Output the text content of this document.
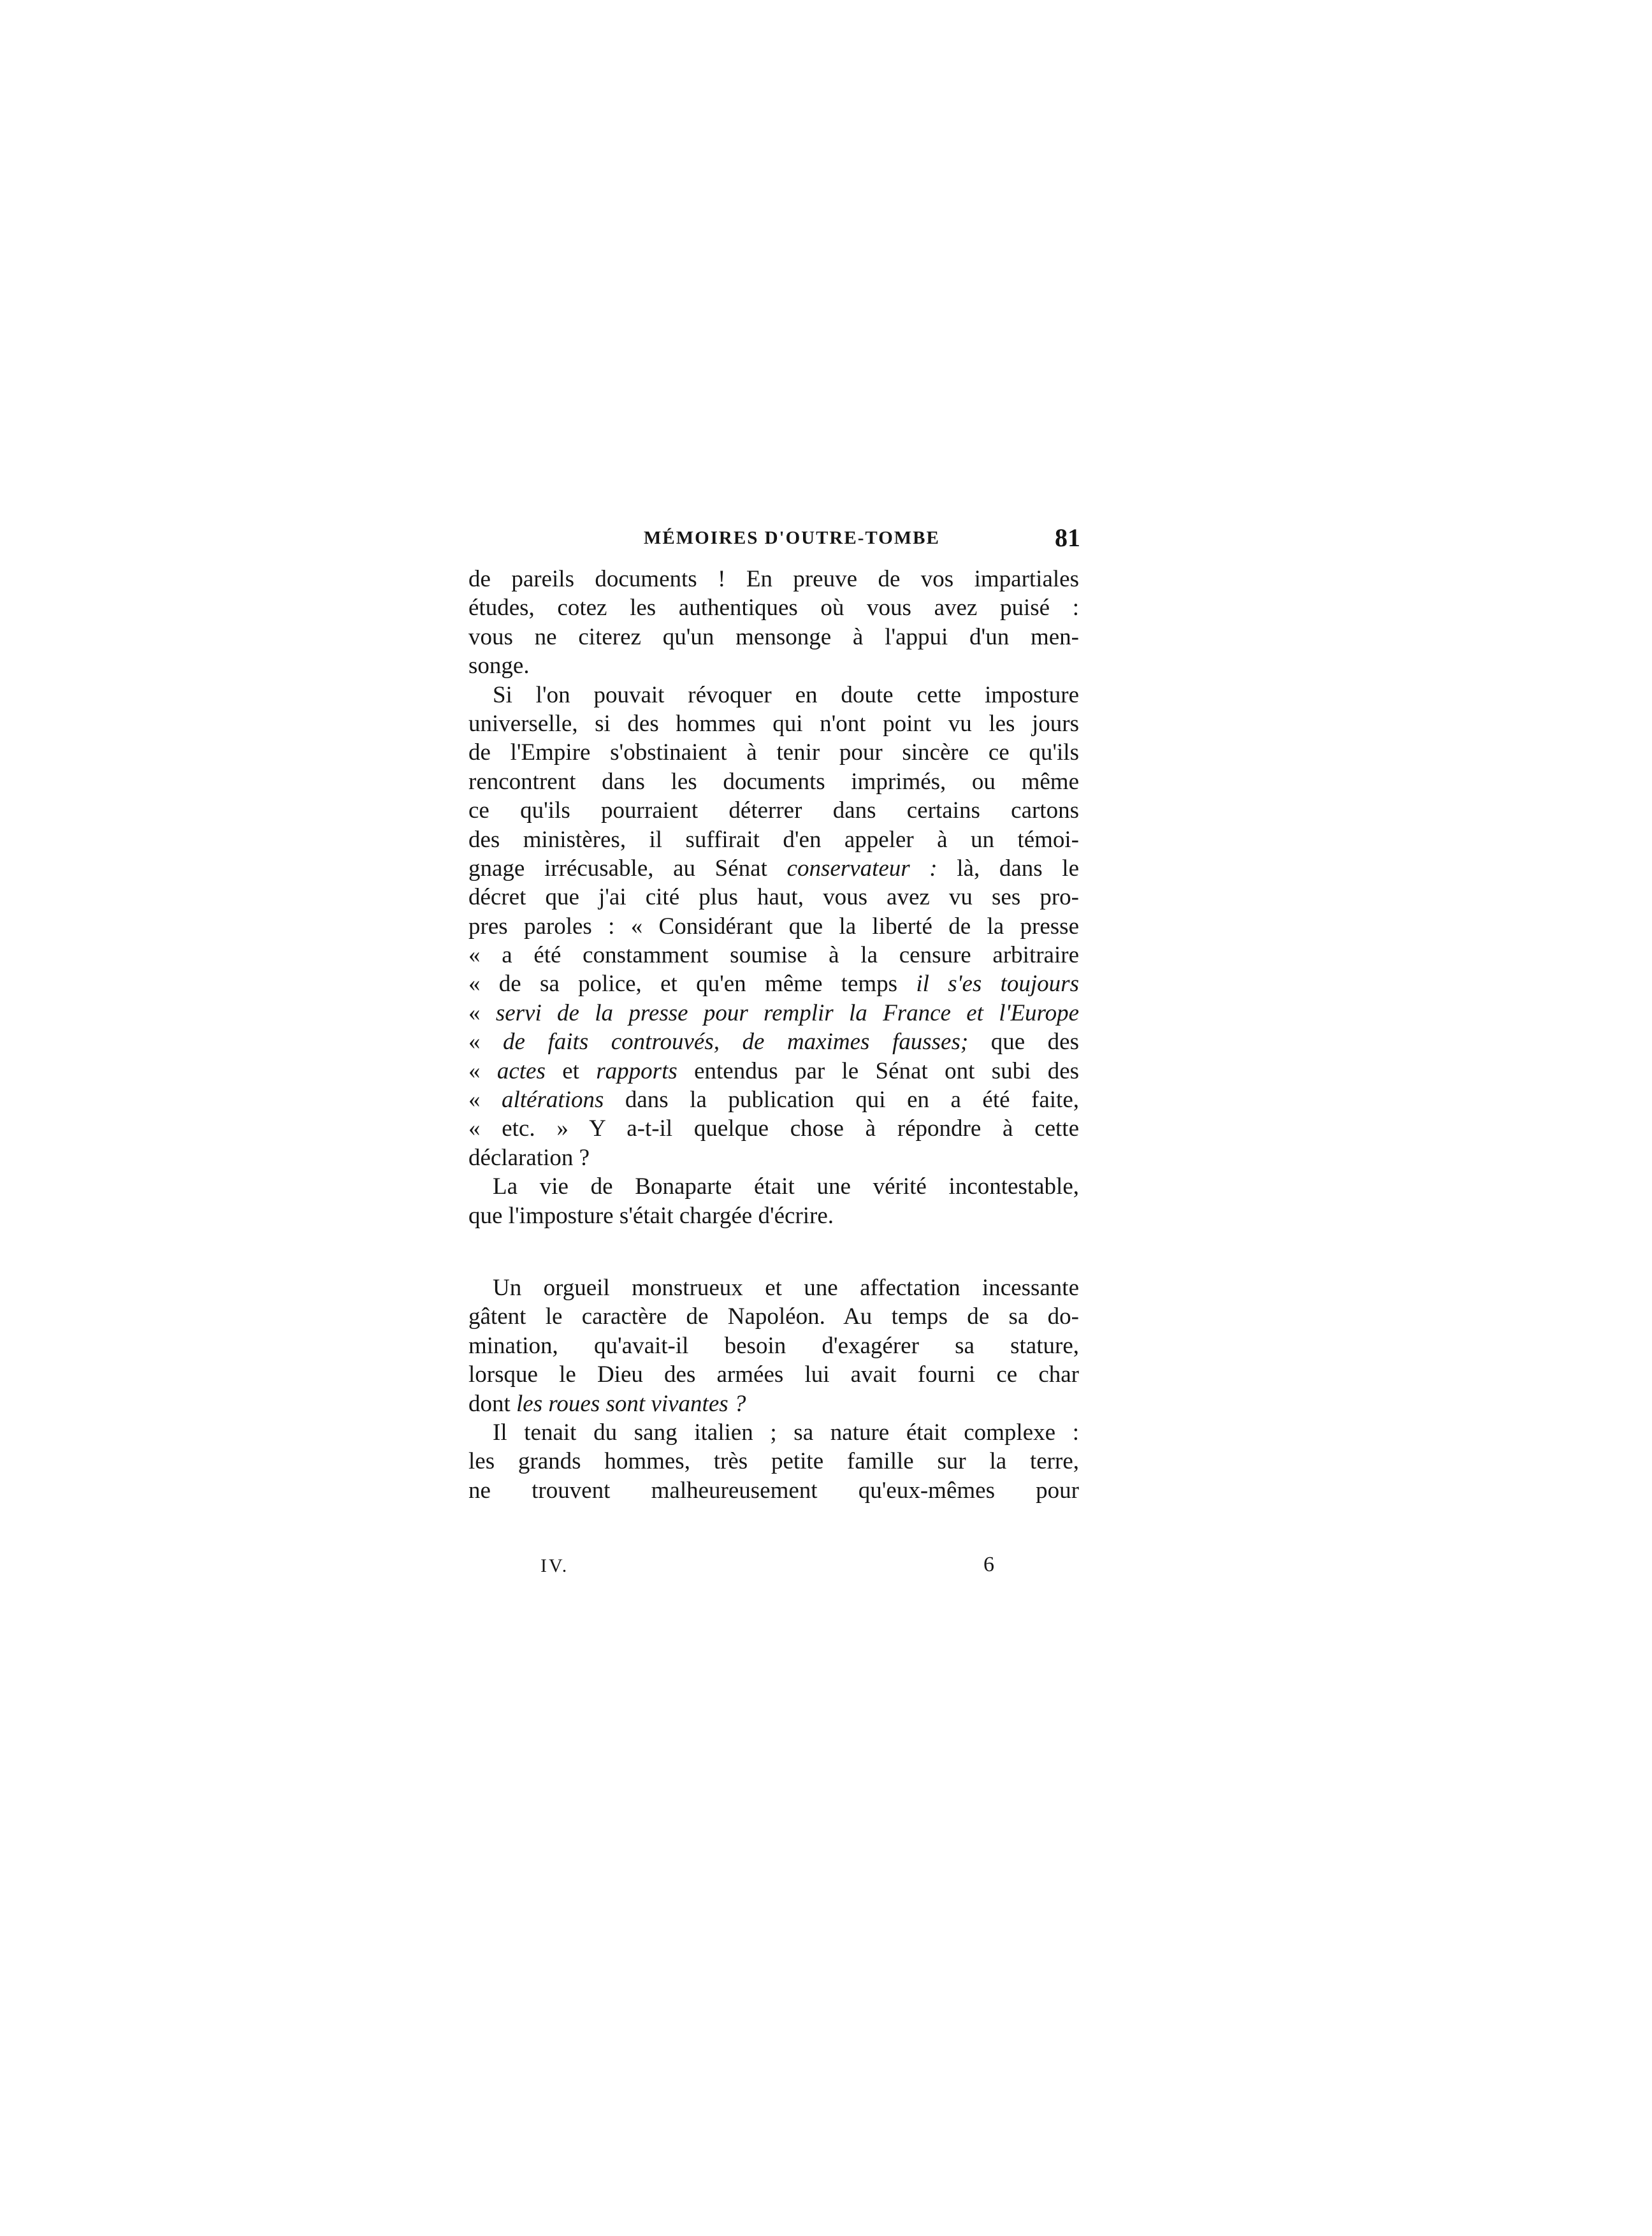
MÉMOIRES D'OUTRE-TOMBE	81
de pareils documents ! En preuve de vos impartiales
études, cotez les authentiques où vous avez puisé :
vous ne citerez qu'un mensonge à l'appui d'un men-
songe.
Si l'on pouvait révoquer en doute cette imposture
universelle, si des hommes qui n'ont point vu les jours
de l'Empire s'obstinaient à tenir pour sincère ce qu'ils
rencontrent dans les documents imprimés, ou même
ce qu'ils pourraient déterrer dans certains cartons
des ministères, il suffirait d'en appeler à un témoi-
gnage irrécusable, au Sénat conservateur : là, dans le
décret que j'ai cité plus haut, vous avez vu ses pro-
pres paroles : « Considérant que la liberté de la presse
« a été constamment soumise à la censure arbitraire
« de sa police, et qu'en même temps il s'es toujours
« servi de la presse pour remplir la France et l'Europe
« de faits controuvés, de maximes fausses; que des
« actes et rapports entendus par le Sénat ont subi des
« altérations dans la publication qui en a été faite,
« etc. » Y a-t-il quelque chose à répondre à cette
déclaration ?
La vie de Bonaparte était une vérité incontestable,
que l'imposture s'était chargée d'écrire.
Un orgueil monstrueux et une affectation incessante
gâtent le caractère de Napoléon. Au temps de sa do-
mination, qu'avait-il besoin d'exagérer sa stature,
lorsque le Dieu des armées lui avait fourni ce char
dont les roues sont vivantes ?
Il tenait du sang italien ; sa nature était complexe :
les grands hommes, très petite famille sur la terre,
ne trouvent malheureusement qu'eux-mêmes pour
IV.	6
